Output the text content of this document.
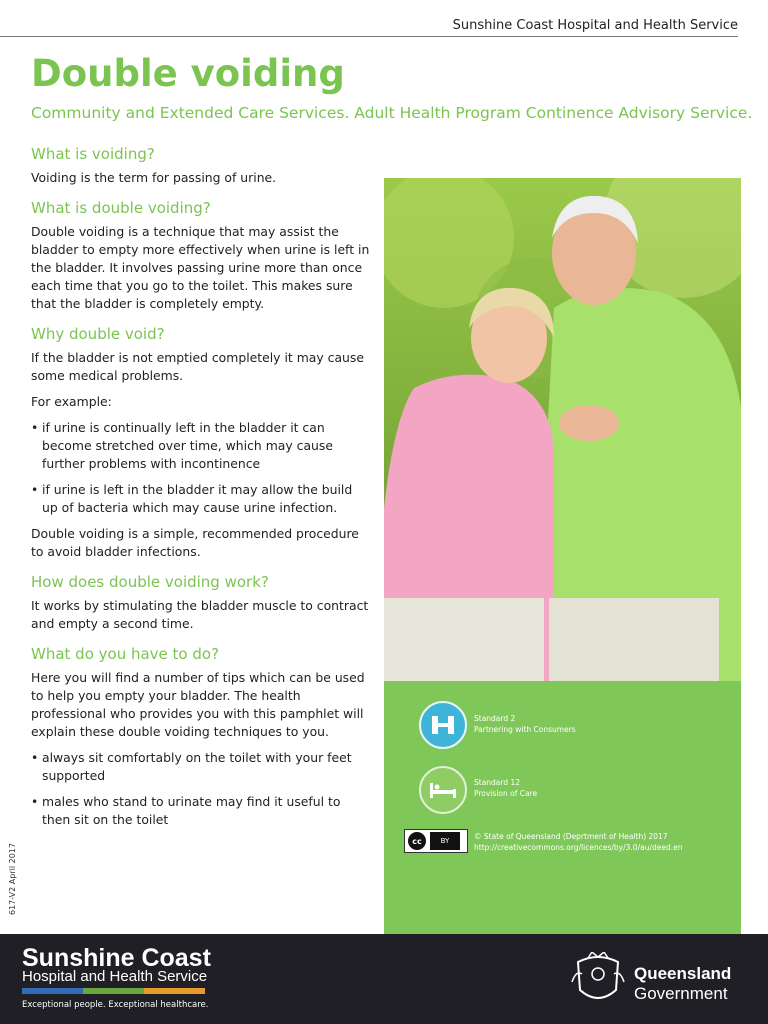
Sunshine Coast Hospital and Health Service
Double voiding

Community and Extended Care Services. Adult Health Program Continence Advisory Service.

What is voiding?

Voiding is the term for passing of urine.

What is double voiding?

Double voiding is a technique that may assist the bladder to empty more effectively when urine is left in the bladder. It involves passing urine more than once each time that you go to the toilet. This makes sure that the bladder is completely empty.

Why double void?

If the bladder is not emptied completely it may cause some medical problems.

For example:

• if urine is continually left in the bladder it can become stretched over time, which may cause further problems with incontinence
• if urine is left in the bladder it may allow the build up of bacteria which may cause urine infection.

Double voiding is a simple, recommended procedure to avoid bladder infections.

How does double voiding work?

It works by stimulating the bladder muscle to contract and empty a second time.

What do you have to do?

Here you will find a number of tips which can be used to help you empty your bladder. The health professional who provides you with this pamphlet will explain these double voiding techniques to you.

• always sit comfortably on the toilet with your feet supported
• males who stand to urinate may find it useful to then sit on the toilet
Standard 2
Partnering with Consumers
Standard 12
Provision of Care
cc	BY	© State of Queensland (Deprtment of Health) 2017
http://creativecommons.org/licences/by/3.0/au/deed.en
617-V2 April 2017
Sunshine Coast
Hospital and Health Service
Exceptional people. Exceptional healthcare.
Queensland
Government
